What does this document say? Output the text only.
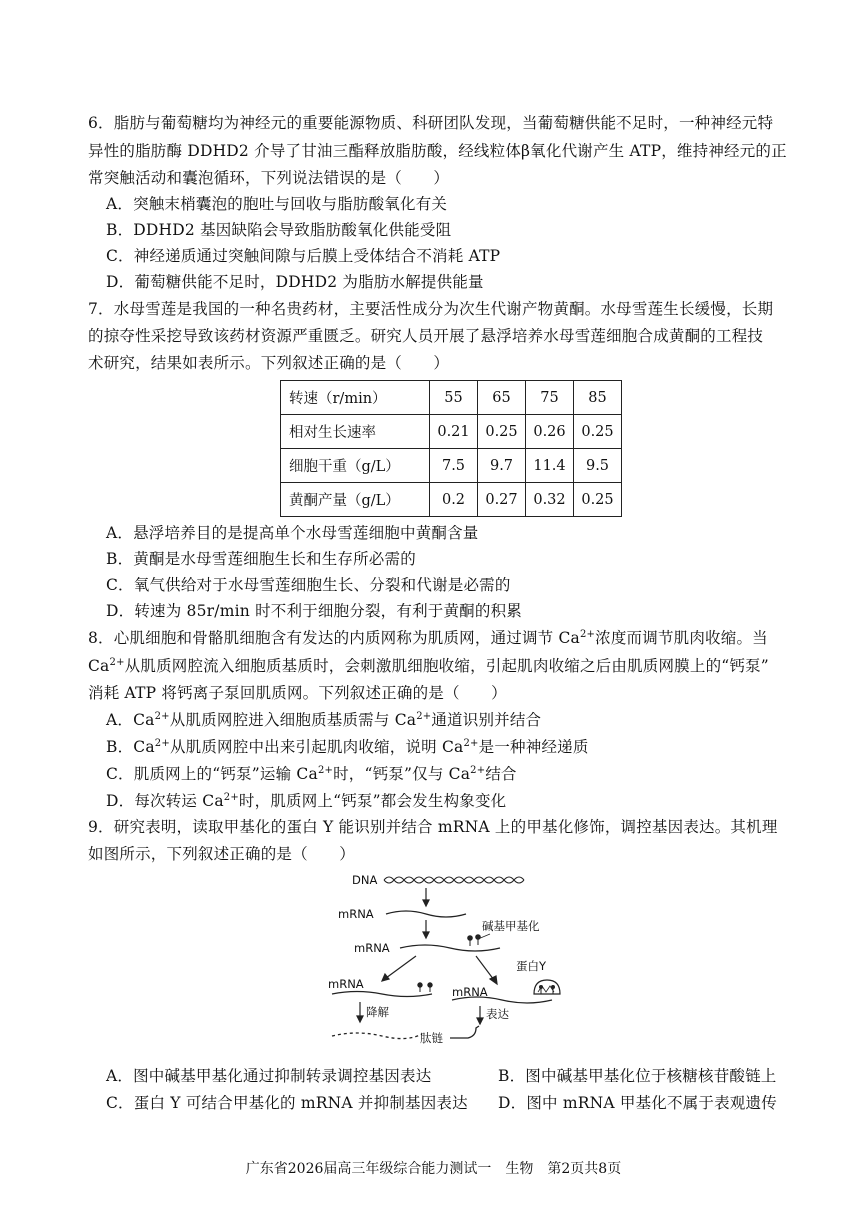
6．脂肪与葡萄糖均为神经元的重要能源物质、科研团队发现，当葡萄糖供能不足时，一种神经元特
异性的脂肪酶 DDHD2 介导了甘油三酯释放脂肪酸，经线粒体β氧化代谢产生 ATP，维持神经元的正
常突触活动和囊泡循环，下列说法错误的是（　　）
A．突触末梢囊泡的胞吐与回收与脂肪酸氧化有关
B．DDHD2 基因缺陷会导致脂肪酸氧化供能受阻
C．神经递质通过突触间隙与后膜上受体结合不消耗 ATP
D．葡萄糖供能不足时，DDHD2 为脂肪水解提供能量
7．水母雪莲是我国的一种名贵药材，主要活性成分为次生代谢产物黄酮。水母雪莲生长缓慢，长期
的掠夺性采挖导致该药材资源严重匮乏。研究人员开展了悬浮培养水母雪莲细胞合成黄酮的工程技
术研究，结果如表所示。下列叙述正确的是（　　）
转速（r/min）	55	65	75	85
相对生长速率	0.21	0.25	0.26	0.25
细胞干重（g/L）	7.5	9.7	11.4	9.5
黄酮产量（g/L）	0.2	0.27	0.32	0.25
A．悬浮培养目的是提高单个水母雪莲细胞中黄酮含量
B．黄酮是水母雪莲细胞生长和生存所必需的
C．氧气供给对于水母雪莲细胞生长、分裂和代谢是必需的
D．转速为 85r/min 时不利于细胞分裂，有利于黄酮的积累
8．心肌细胞和骨骼肌细胞含有发达的内质网称为肌质网，通过调节 $Ca^{2+}$浓度而调节肌肉收缩。当
$Ca^{2+}$从肌质网腔流入细胞质基质时，会刺激肌细胞收缩，引起肌肉收缩之后由肌质网膜上的“钙泵”
消耗 ATP 将钙离子泵回肌质网。下列叙述正确的是（　　）
A．$Ca^{2+}$从肌质网腔进入细胞质基质需与 $Ca^{2+}$通道识别并结合
B．$Ca^{2+}$从肌质网腔中出来引起肌肉收缩，说明 $Ca^{2+}$是一种神经递质
C．肌质网上的“钙泵”运输 $Ca^{2+}$时，“钙泵”仅与 $Ca^{2+}$结合
D．每次转运 $Ca^{2+}$时，肌质网上“钙泵”都会发生构象变化
9．研究表明，读取甲基化的蛋白 Y 能识别并结合 mRNA 上的甲基化修饰，调控基因表达。其机理
如图所示，下列叙述正确的是（　　）
DNA
mRNA
mRNA
碱基甲基化
mRNA
mRNA
蛋白Y
降解	表达
肽链
A．图中碱基甲基化通过抑制转录调控基因表达	B．图中碱基甲基化位于核糖核苷酸链上
C．蛋白 Y 可结合甲基化的 mRNA 并抑制基因表达 D．图中 mRNA 甲基化不属于表观遗传
广东省2026届高三年级综合能力测试一　生物　第2页共8页
